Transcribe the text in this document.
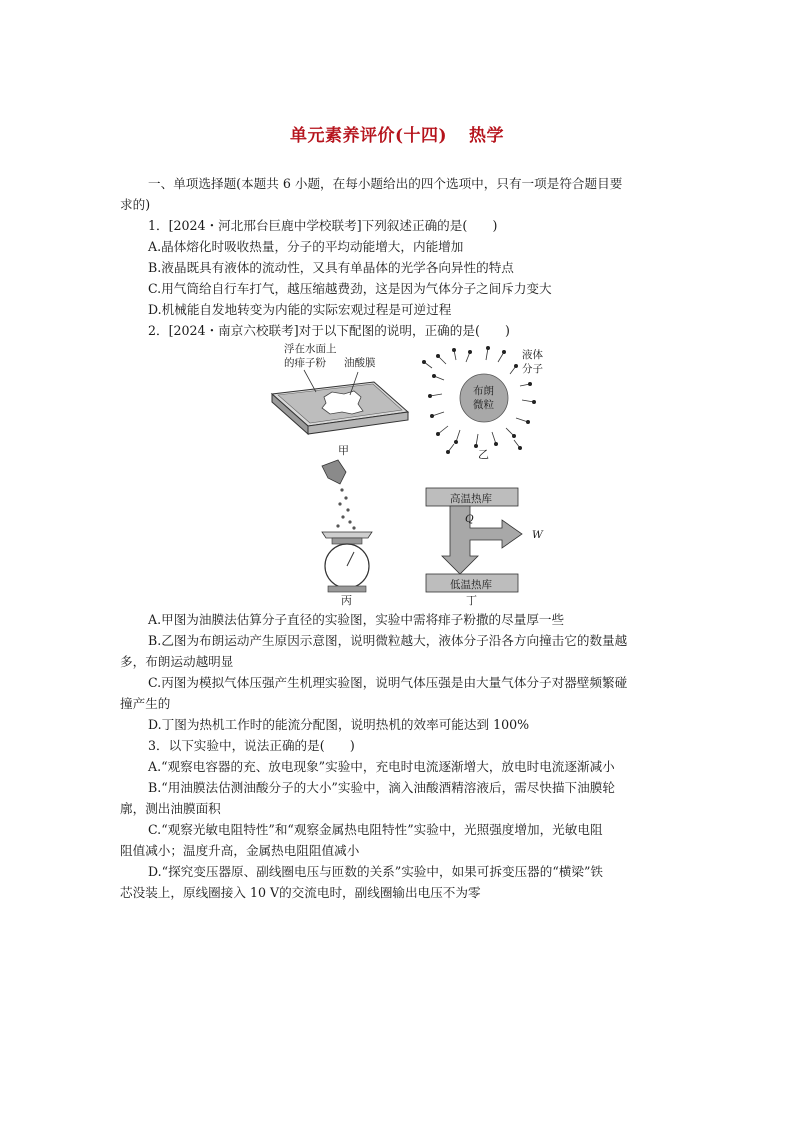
单元素养评价(十四) 热学
一、单项选择题(本题共 6 小题，在每小题给出的四个选项中，只有一项是符合题目要
求的)
1．[2024・河北邢台巨鹿中学校联考]下列叙述正确的是(　　)
A.晶体熔化时吸收热量，分子的平均动能增大，内能增加
B.液晶既具有液体的流动性，又具有单晶体的光学各向异性的特点
C.用气筒给自行车打气，越压缩越费劲，这是因为气体分子之间斥力变大
D.机械能自发地转变为内能的实际宏观过程是可逆过程
2．[2024・南京六校联考]对于以下配图的说明，正确的是(　　)
浮在水面上
的痱子粉 油酸膜
甲
布朗
微粒
液体
分子
乙
丙
高温热库
Q
W
低温热库
丁
A.甲图为油膜法估算分子直径的实验图，实验中需将痱子粉撒的尽量厚一些
B.乙图为布朗运动产生原因示意图，说明微粒越大，液体分子沿各方向撞击它的数量越
多，布朗运动越明显
C.丙图为模拟气体压强产生机理实验图，说明气体压强是由大量气体分子对器壁频繁碰
撞产生的
D.丁图为热机工作时的能流分配图，说明热机的效率可能达到 100%
3．以下实验中，说法正确的是(　　)
A.“观察电容器的充、放电现象”实验中，充电时电流逐渐增大，放电时电流逐渐减小
B.“用油膜法估测油酸分子的大小”实验中，滴入油酸酒精溶液后，需尽快描下油膜轮
廓，测出油膜面积
C.“观察光敏电阻特性”和“观察金属热电阻特性”实验中，光照强度增加，光敏电阻
阻值减小；温度升高，金属热电阻阻值减小
D.“探究变压器原、副线圈电压与匝数的关系”实验中，如果可拆变压器的“横梁”铁
芯没装上，原线圈接入 10 V的交流电时，副线圈输出电压不为零
